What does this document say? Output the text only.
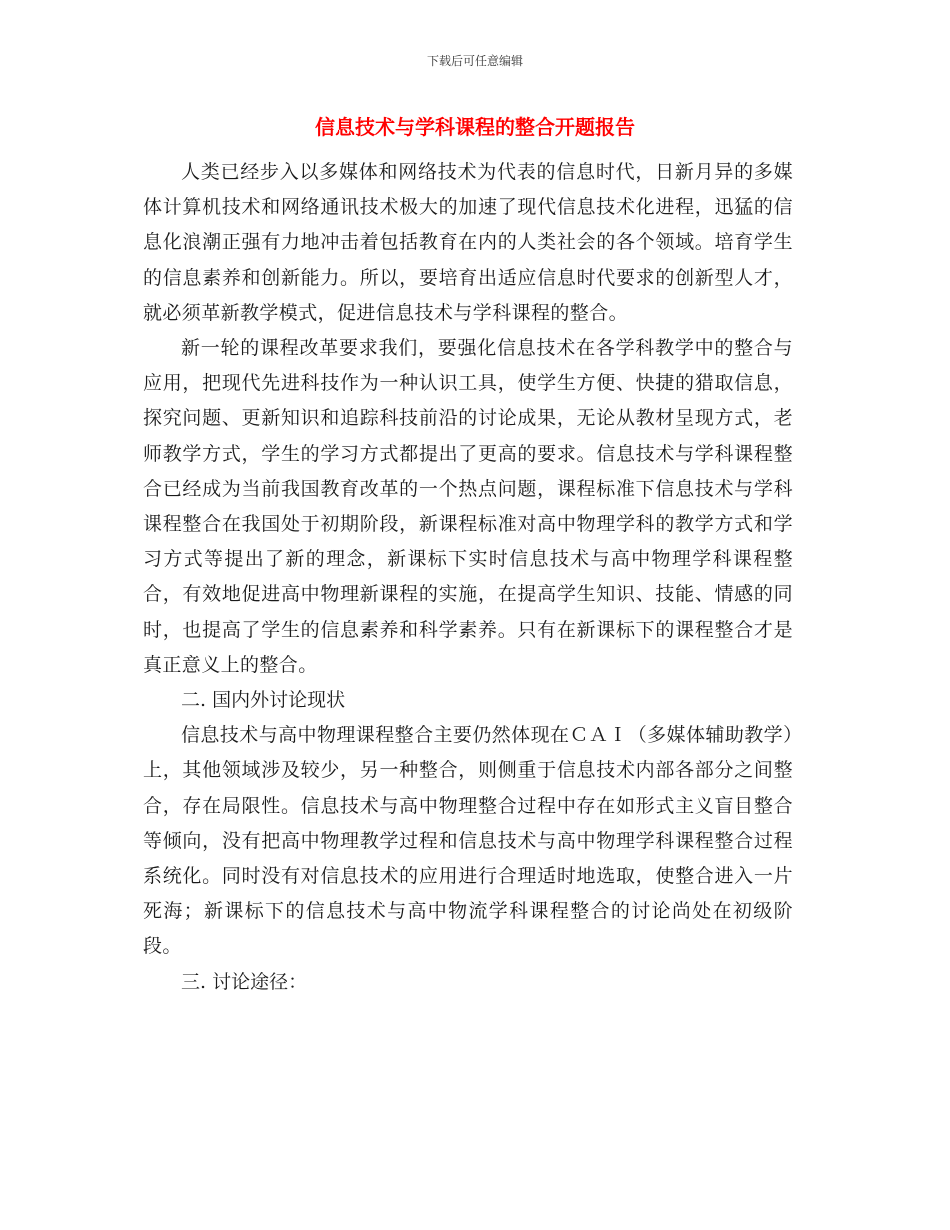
下载后可任意编辑
信息技术与学科课程的整合开题报告

人类已经步入以多媒体和网络技术为代表的信息时代，日新月异的多媒体计算机技术和网络通讯技术极大的加速了现代信息技术化进程，迅猛的信息化浪潮正强有力地冲击着包括教育在内的人类社会的各个领域。培育学生的信息素养和创新能力。所以，要培育出适应信息时代要求的创新型人才，就必须革新教学模式，促进信息技术与学科课程的整合。

新一轮的课程改革要求我们，要强化信息技术在各学科教学中的整合与应用，把现代先进科技作为一种认识工具，使学生方便、快捷的猎取信息，探究问题、更新知识和追踪科技前沿的讨论成果，无论从教材呈现方式，老师教学方式，学生的学习方式都提出了更高的要求。信息技术与学科课程整合已经成为当前我国教育改革的一个热点问题，课程标准下信息技术与学科课程整合在我国处于初期阶段，新课程标准对高中物理学科的教学方式和学习方式等提出了新的理念，新课标下实时信息技术与高中物理学科课程整合，有效地促进高中物理新课程的实施，在提高学生知识、技能、情感的同时，也提高了学生的信息素养和科学素养。只有在新课标下的课程整合才是真正意义上的整合。

二. 国内外讨论现状

信息技术与高中物理课程整合主要仍然体现在ＣＡＩ（多媒体辅助教学）上，其他领域涉及较少，另一种整合，则侧重于信息技术内部各部分之间整合，存在局限性。信息技术与高中物理整合过程中存在如形式主义盲目整合等倾向，没有把高中物理教学过程和信息技术与高中物理学科课程整合过程系统化。同时没有对信息技术的应用进行合理适时地选取，使整合进入一片死海；新课标下的信息技术与高中物流学科课程整合的讨论尚处在初级阶段。

三. 讨论途径：
